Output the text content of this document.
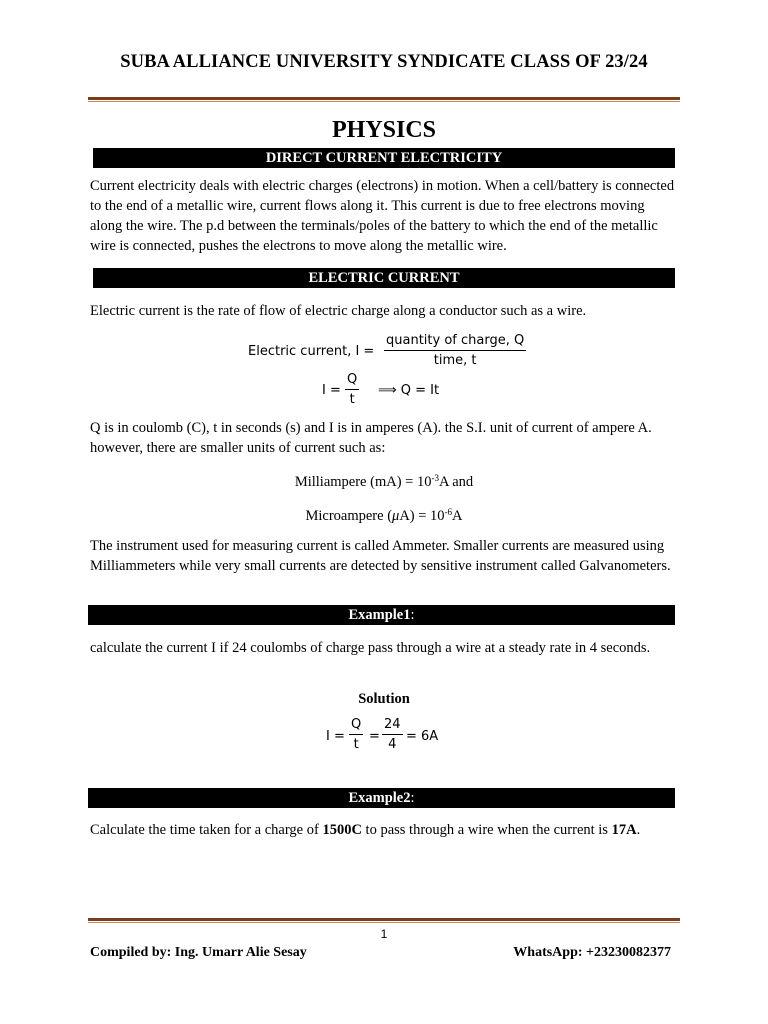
SUBA ALLIANCE UNIVERSITY SYNDICATE CLASS OF 23/24
PHYSICS
DIRECT CURRENT ELECTRICITY
Current electricity deals with electric charges (electrons) in motion. When a cell/battery is connected to the end of a metallic wire, current flows along it. This current is due to free electrons moving along the wire. The p.d between the terminals/poles of the battery to which the end of the metallic wire is connected, pushes the electrons to move along the metallic wire.
ELECTRIC CURRENT
Electric current is the rate of flow of electric charge along a conductor such as a wire.
Electric current, I =
quantity of charge, Q
time, t
$I = \frac{Q}{t}$ ⟹ Q = It
Q is in coulomb (C), t in seconds (s) and I is in amperes (A). the S.I. unit of current of ampere A. however, there are smaller units of current such as:
Milliampere $(mA) = 10^{-3}A$ and
Microampere $(\mu A) = 10^{-6}A$
The instrument used for measuring current is called Ammeter. Smaller currents are measured using Milliammeters while very small currents are detected by sensitive instrument called Galvanometers.
Example1:
calculate the current I if 24 coulombs of charge pass through a wire at a steady rate in 4 seconds.
Solution
$I = \frac{Q}{t} = \frac{24}{4} = 6A$
Example2:
Calculate the time taken for a charge of 1500C to pass through a wire when the current is 17A.
1
Compiled by: Ing. Umarr Alie Sesay	WhatsApp: +23230082377
